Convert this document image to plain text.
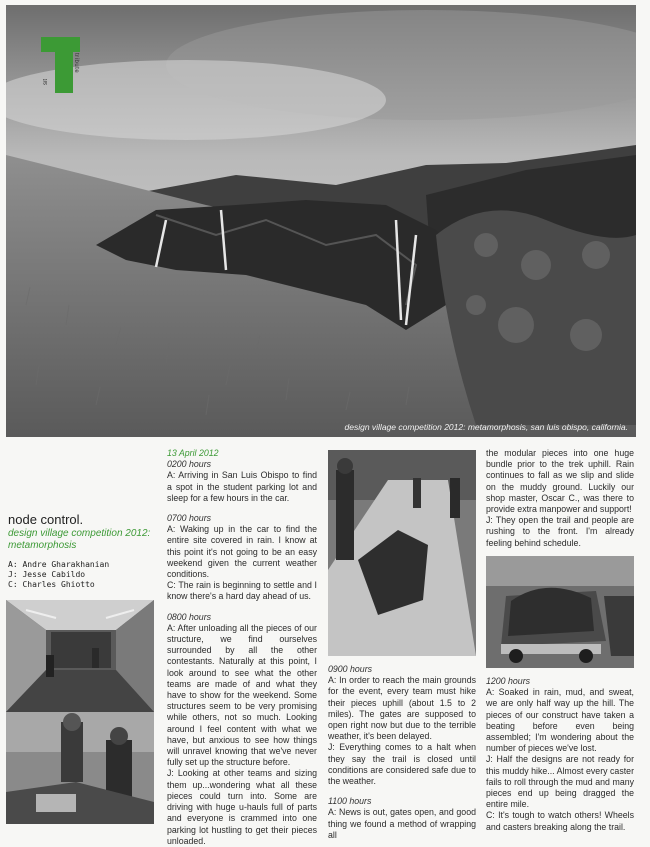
design village competition 2012: metamorphosis, san luis obispo, california.
tribute
sit
node control.
design village competition 2012: metamorphosis
A: Andre Gharakhanian
J: Jesse Cabildo
C: Charles Ghiotto

13 April 2012

0200 hours

A: Arriving in San Luis Obispo to find a spot in the student parking lot and sleep for a few hours in the car.

0700 hours

A: Waking up in the car to find the entire site covered in rain. I know at this point it's not going to be an easy weekend given the current weather conditions.

C: The rain is beginning to settle and I know there's a hard day ahead of us.

0800 hours

A: After unloading all the pieces of our structure, we find ourselves surrounded by all the other contestants. Naturally at this point, I look around to see what the other teams are made of and what they have to show for the weekend. Some structures seem to be very promising while others, not so much. Looking around I feel content with what we have, but anxious to see how things will unravel knowing that we've never fully set up the structure before.

J: Looking at other teams and sizing them up...wondering what all these pieces could turn into. Some are driving with huge u-hauls full of parts and everyone is crammed into one parking lot hustling to get their pieces unloaded.

0900 hours

A: In order to reach the main grounds for the event, every team must hike their pieces uphill (about 1.5 to 2 miles). The gates are supposed to open right now but due to the terrible weather, it's been delayed.

J: Everything comes to a halt when they say the trail is closed until conditions are considered safe due to the weather.

1100 hours

A: News is out, gates open, and good thing we found a method of wrapping all

the modular pieces into one huge bundle prior to the trek uphill. Rain continues to fall as we slip and slide on the muddy ground. Luckily our shop master, Oscar C., was there to provide extra manpower and support!

J: They open the trail and people are rushing to the front. I'm already feeling behind schedule.

1200 hours

A: Soaked in rain, mud, and sweat, we are only half way up the hill. The pieces of our construct have taken a beating before even being assembled; I'm wondering about the number of pieces we've lost.

J: Half the designs are not ready for this muddy hike... Almost every caster fails to roll through the mud and many pieces end up being dragged the entire mile.

C: It's tough to watch others! Wheels and casters breaking along the trail.
